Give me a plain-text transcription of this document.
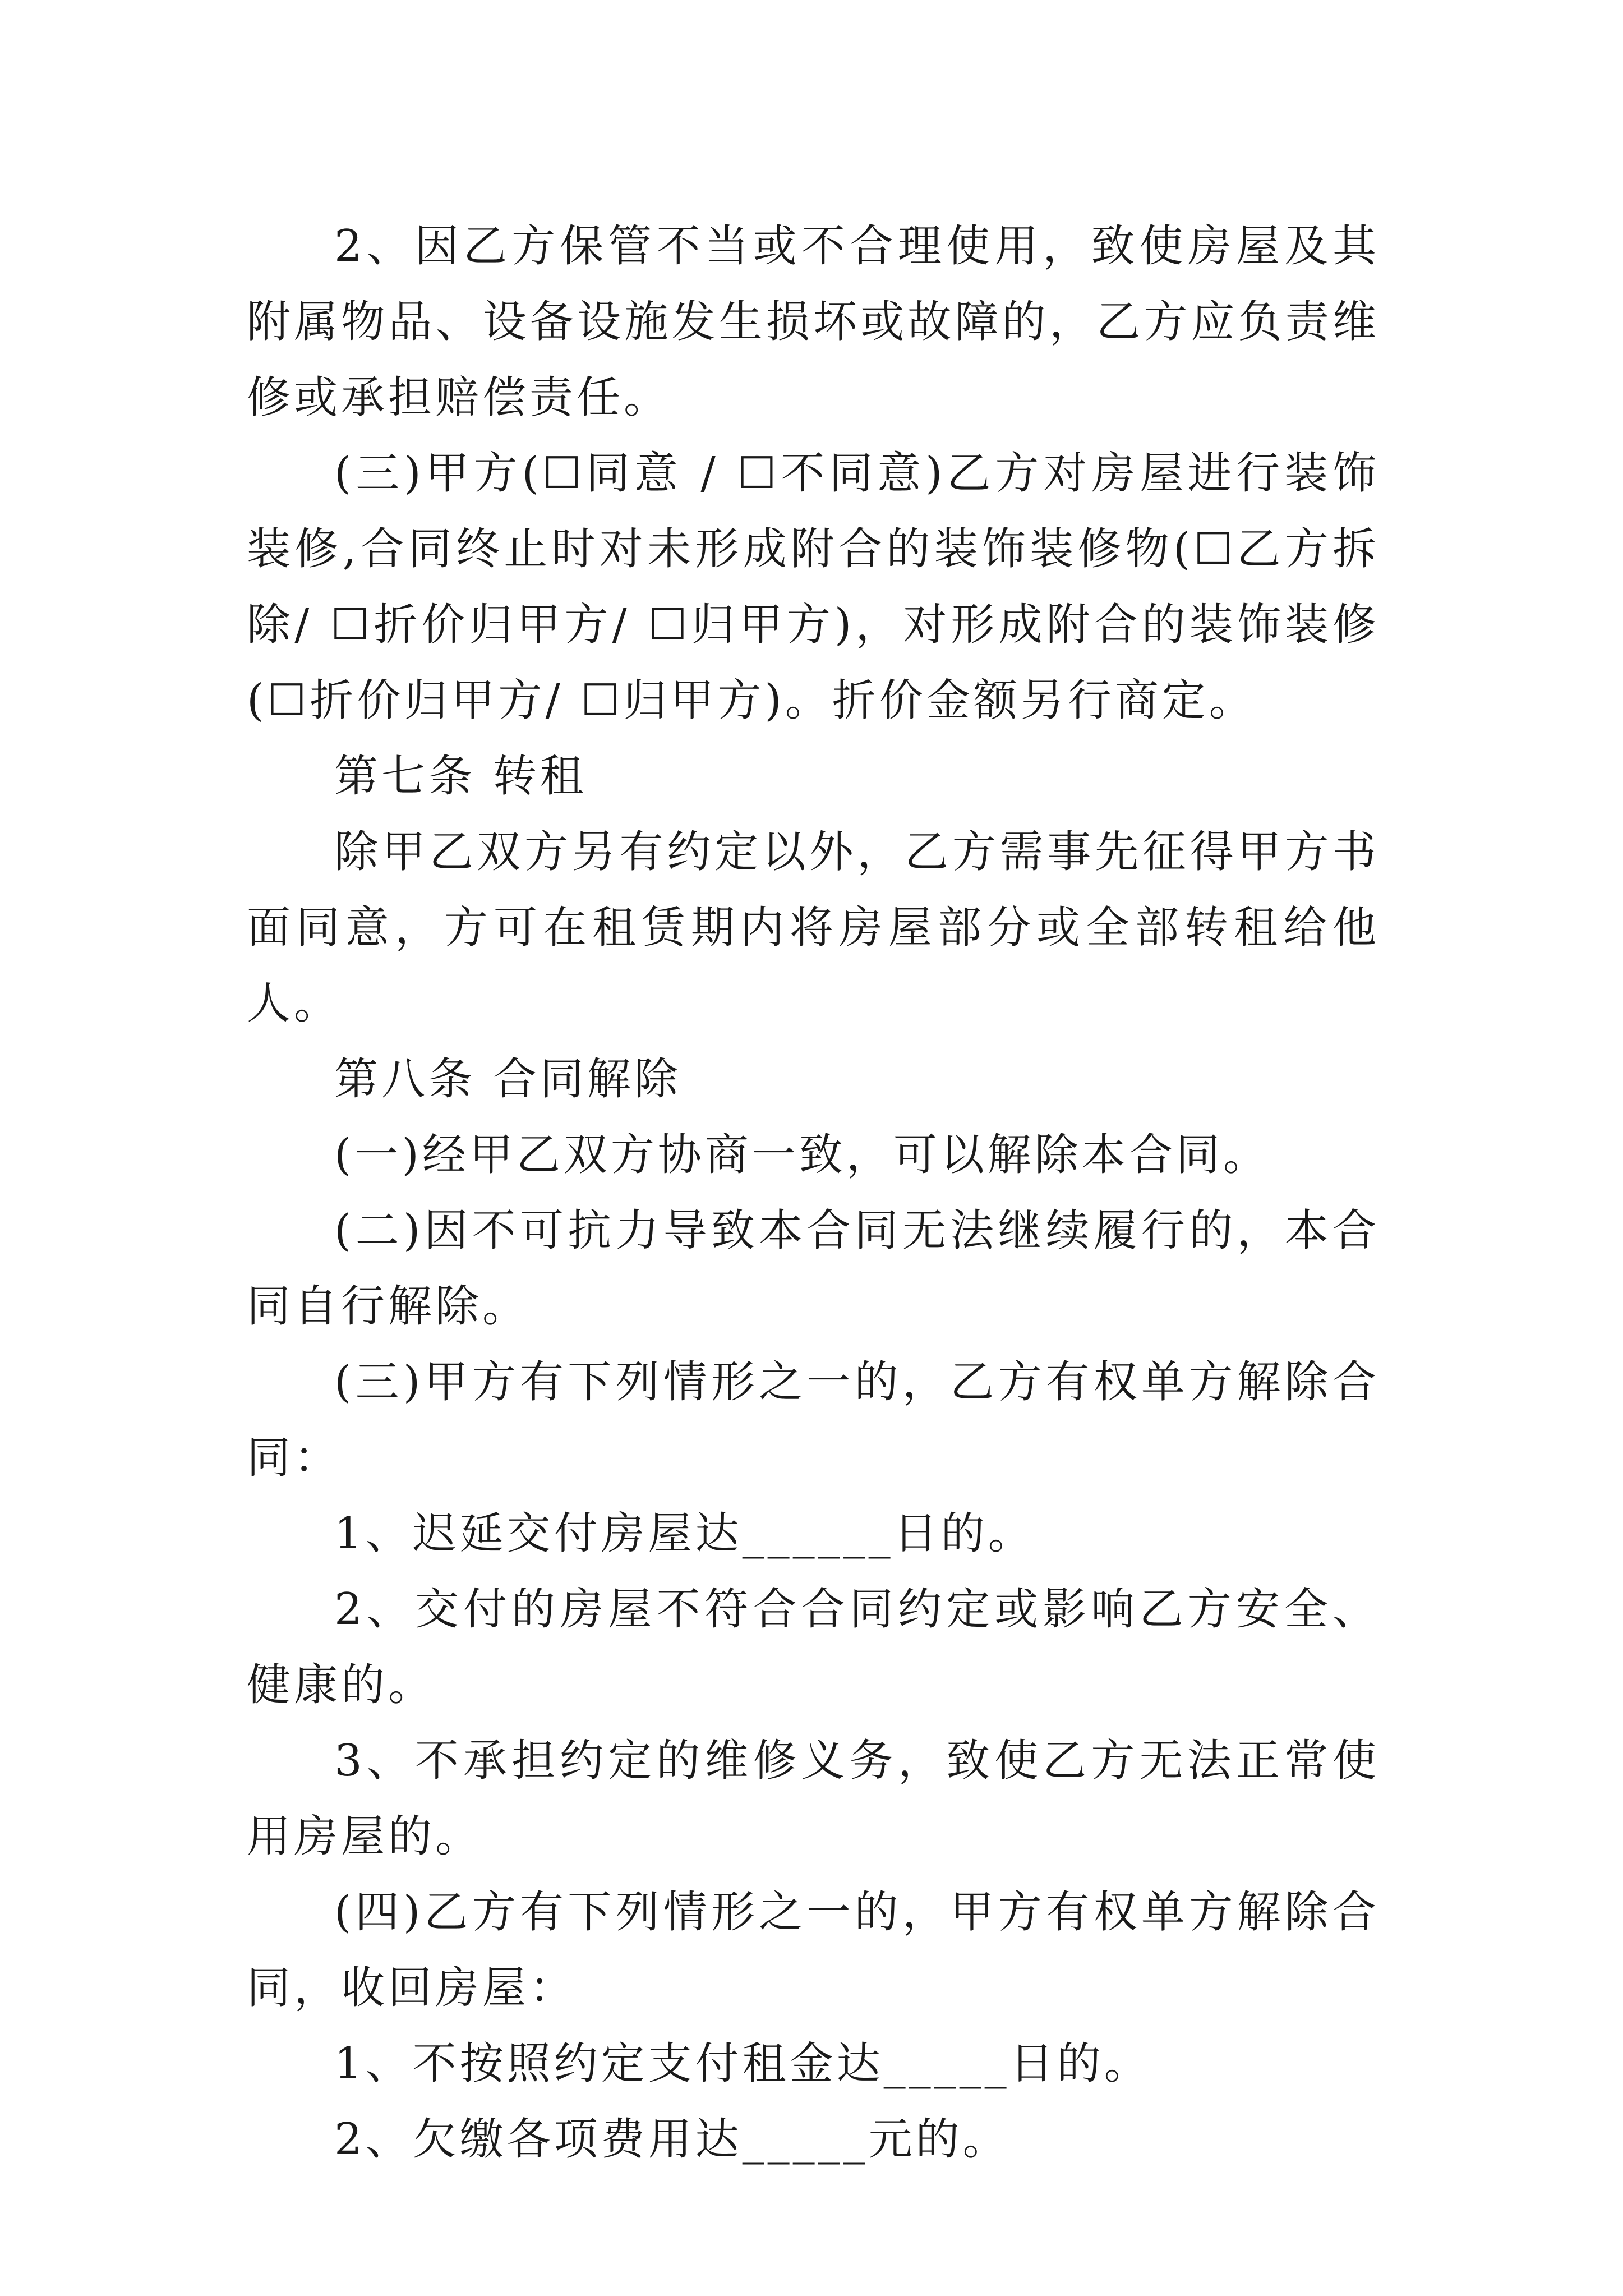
2、因乙方保管不当或不合理使用，致使房屋及其附属物品、设备设施发生损坏或故障的，乙方应负责维修或承担赔偿责任。

(三)甲方(☐同意 / ☐不同意)乙方对房屋进行装饰装修,合同终止时对未形成附合的装饰装修物(☐乙方拆除/ ☐折价归甲方/ ☐归甲方)，对形成附合的装饰装修(☐折价归甲方/ ☐归甲方)。折价金额另行商定。

第七条 转租

除甲乙双方另有约定以外，乙方需事先征得甲方书面同意，方可在租赁期内将房屋部分或全部转租给他人。

第八条 合同解除

(一)经甲乙双方协商一致，可以解除本合同。

(二)因不可抗力导致本合同无法继续履行的，本合同自行解除。

(三)甲方有下列情形之一的，乙方有权单方解除合同：

1、迟延交付房屋达______日的。

2、交付的房屋不符合合同约定或影响乙方安全、健康的。

3、不承担约定的维修义务，致使乙方无法正常使用房屋的。

(四)乙方有下列情形之一的，甲方有权单方解除合同，收回房屋：

1、不按照约定支付租金达_____日的。

2、欠缴各项费用达_____元的。
